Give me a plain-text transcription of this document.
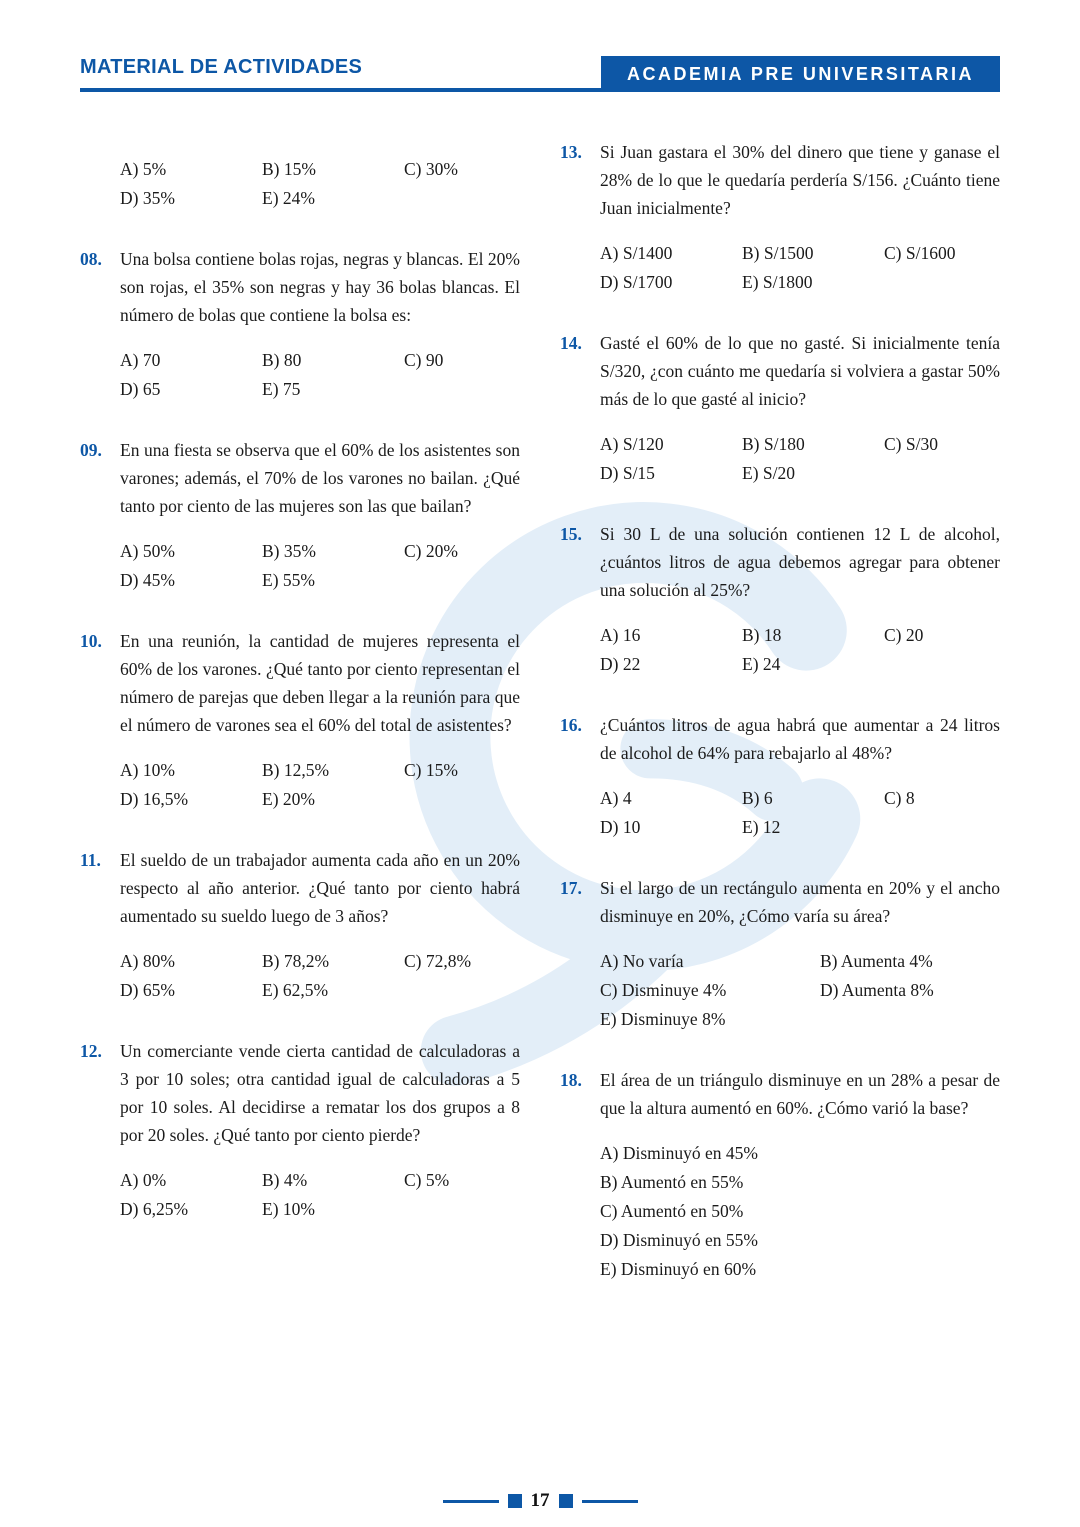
MATERIAL DE ACTIVIDADES	ACADEMIA PRE UNIVERSITARIA
A) 5%	B) 15%	C) 30%
D) 35%	E) 24%
08. Una bolsa contiene bolas rojas, negras y blancas. El 20% son rojas, el 35% son negras y hay 36 bolas blancas. El número de bolas que contiene la bolsa es:
A) 70	B) 80	C) 90
D) 65	E) 75
09. En una fiesta se observa que el 60% de los asistentes son varones; además, el 70% de los varones no bailan. ¿Qué tanto por ciento de las mujeres son las que bailan?
A) 50%	B) 35%	C) 20%
D) 45%	E) 55%
10. En una reunión, la cantidad de mujeres representa el 60% de los varones. ¿Qué tanto por ciento representan el número de parejas que deben llegar a la reunión para que el número de varones sea el 60% del total de asistentes?
A) 10%	B) 12,5%	C) 15%
D) 16,5%	E) 20%
11. El sueldo de un trabajador aumenta cada año en un 20% respecto al año anterior. ¿Qué tanto por ciento habrá aumentado su sueldo luego de 3 años?
A) 80%	B) 78,2%	C) 72,8%
D) 65%	E) 62,5%
12. Un comerciante vende cierta cantidad de calculadoras a 3 por 10 soles; otra cantidad igual de calculadoras a 5 por 10 soles. Al decidirse a rematar los dos grupos a 8 por 20 soles. ¿Qué tanto por ciento pierde?
A) 0%	B) 4%	C) 5%
D) 6,25%	E) 10%
13. Si Juan gastara el 30% del dinero que tiene y ganase el 28% de lo que le quedaría perdería S/156. ¿Cuánto tiene Juan inicialmente?
A) S/1400	B) S/1500	C) S/1600
D) S/1700	E) S/1800
14. Gasté el 60% de lo que no gasté. Si inicialmente tenía S/320, ¿con cuánto me quedaría si volviera a gastar 50% más de lo que gasté al inicio?
A) S/120	B) S/180	C) S/30
D) S/15	E) S/20
15. Si 30 L de una solución contienen 12 L de alcohol, ¿cuántos litros de agua debemos agregar para obtener una solución al 25%?
A) 16	B) 18	C) 20
D) 22	E) 24
16. ¿Cuántos litros de agua habrá que aumentar a 24 litros de alcohol de 64% para rebajarlo al 48%?
A) 4	B) 6	C) 8
D) 10	E) 12
17. Si el largo de un rectángulo aumenta en 20% y el ancho disminuye en 20%, ¿Cómo varía su área?
A) No varía	B) Aumenta 4%
C) Disminuye 4%	D) Aumenta 8%
E) Disminuye 8%
18. El área de un triángulo disminuye en un 28% a pesar de que la altura aumentó en 60%. ¿Cómo varió la base?
A) Disminuyó en 45%
B) Aumentó en 55%
C) Aumentó en 50%
D) Disminuyó en 55%
E) Disminuyó en 60%
17
